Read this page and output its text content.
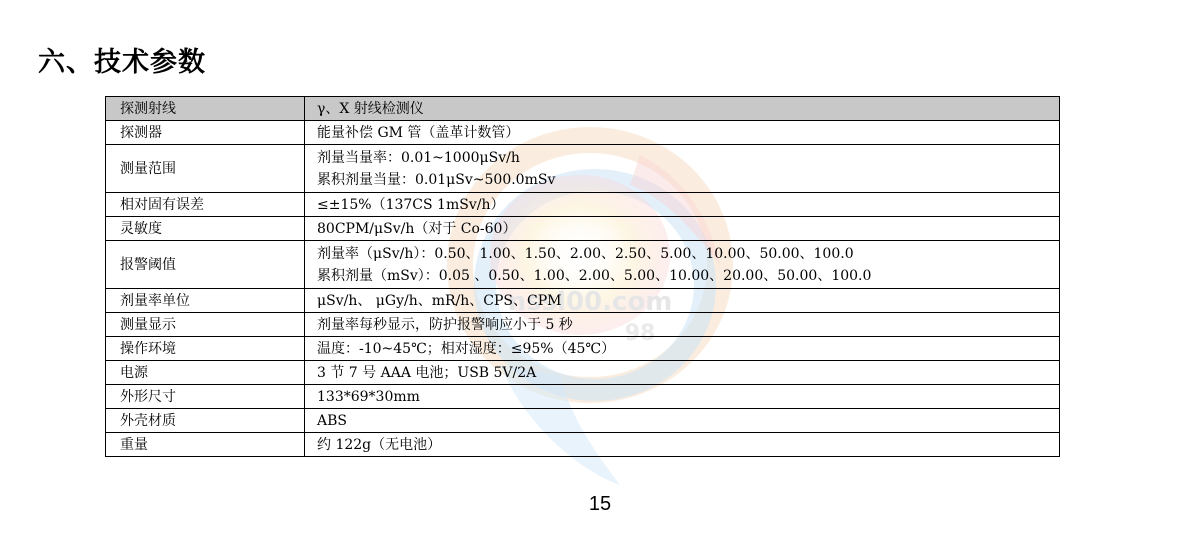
六、技术参数
nssl00.com
98
探测射线	γ、X 射线检测仪

探测器	能量补偿 GM 管（盖革计数管）

测量范围	剂量当量率：0.01~1000μSv/h
累积剂量当量：0.01μSv~500.0mSv

相对固有误差	≤±15%（137CS 1mSv/h）

灵敏度	80CPM/μSv/h（对于 Co-60）

报警阈值	剂量率（μSv/h）：0.50、1.00、1.50、2.00、2.50、5.00、10.00、50.00、100.0
累积剂量（mSv）：0.05 、0.50、1.00、2.00、5.00、10.00、20.00、50.00、100.0

剂量率单位	μSv/h、 μGy/h、mR/h、CPS、CPM

测量显示	剂量率每秒显示，防护报警响应小于 5 秒

操作环境	温度：-10~45℃；相对湿度：≤95%（45℃）

电源	3 节 7 号 AAA 电池；USB 5V/2A

外形尺寸	133*69*30mm

外壳材质	ABS

重量	约 122g（无电池）
15
